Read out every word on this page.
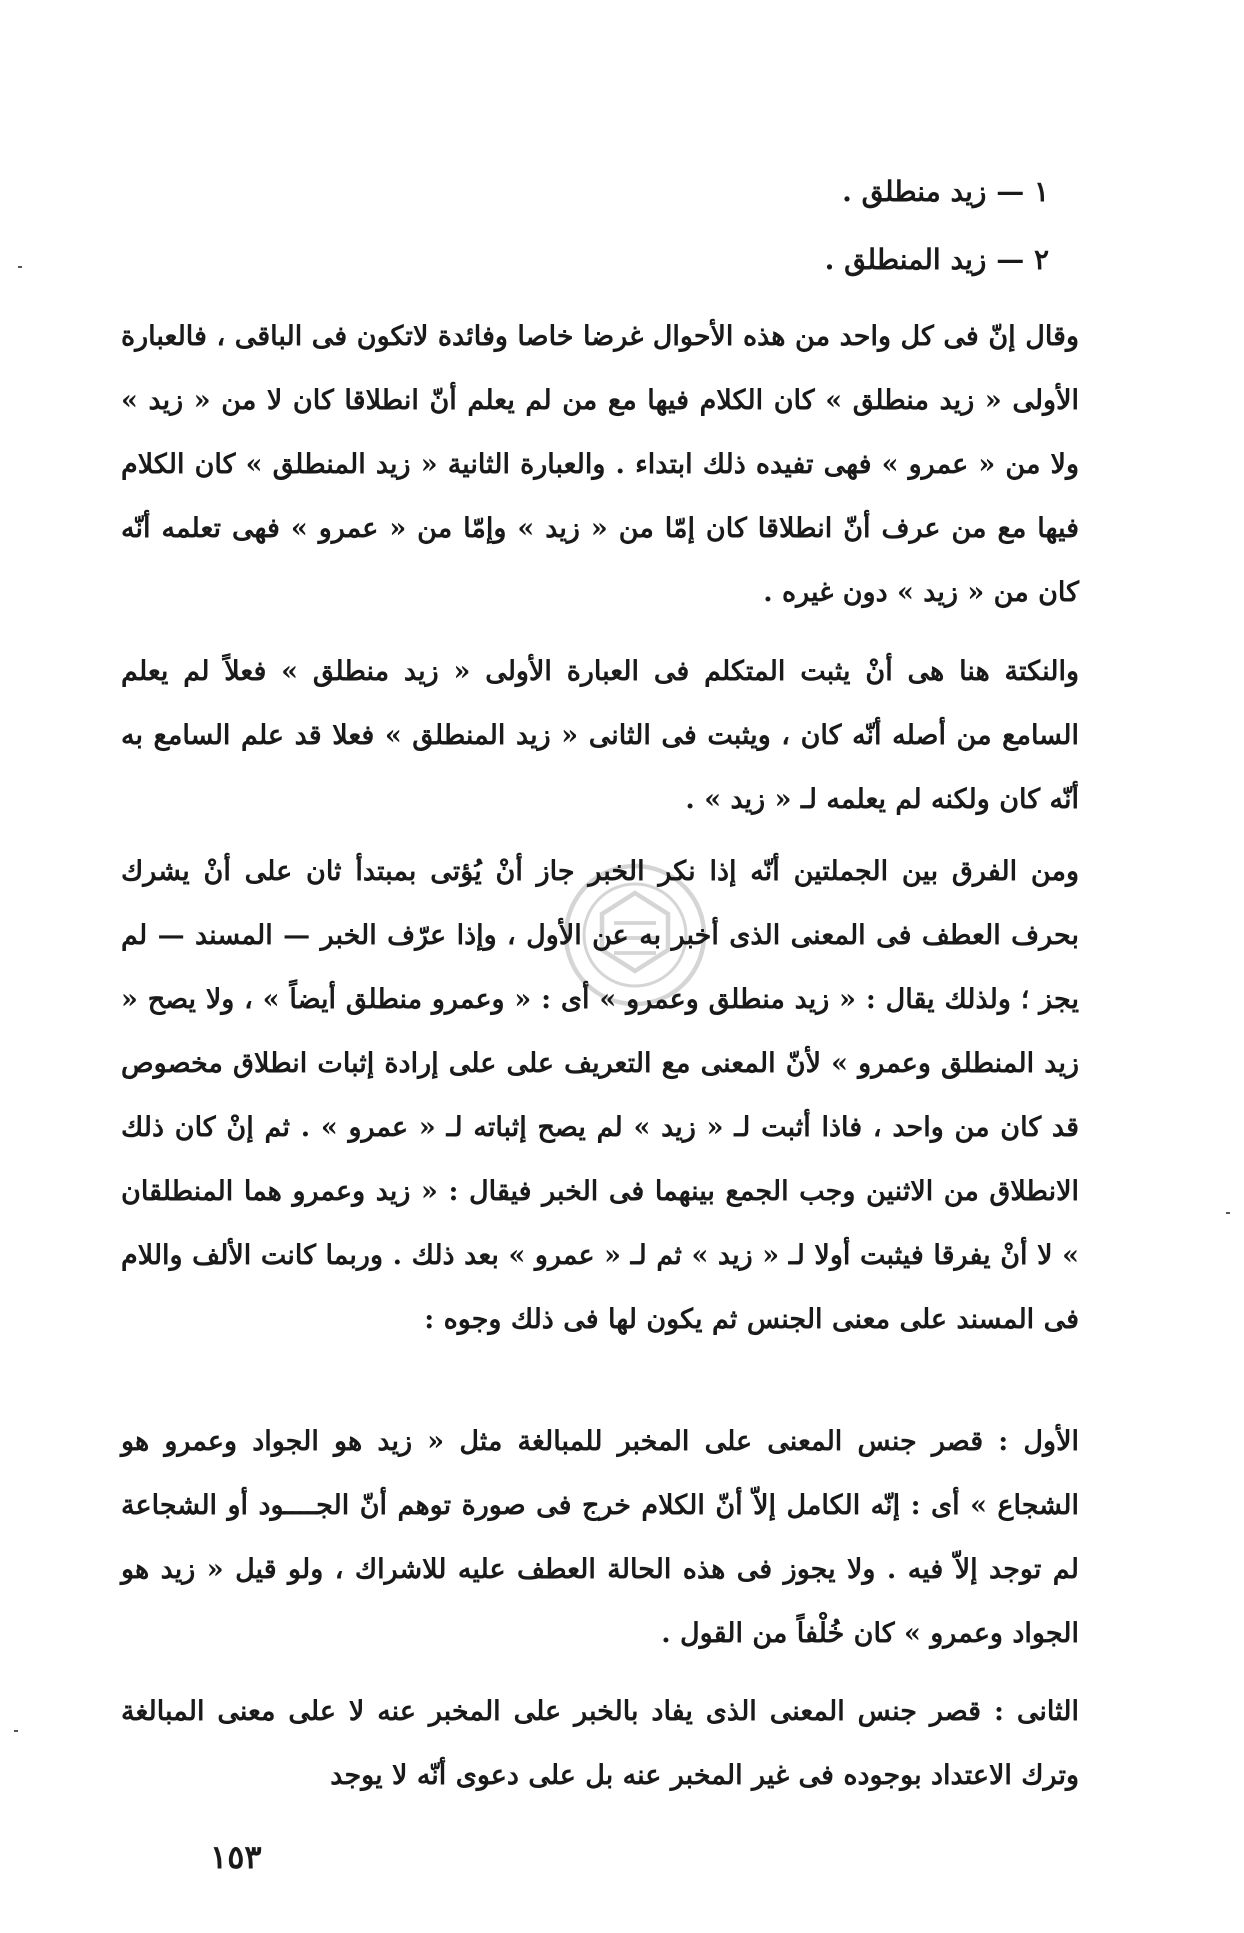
١ — زيد منطلق .
٢ — زيد المنطلق .

وقال إنّ فى كل واحد من هذه الأحوال غرضا خاصا وفائدة لاتكون فى الباقى ، فالعبارة الأولى « زيد منطلق » كان الكلام فيها مع من لم يعلم أنّ انطلاقا كان لا من « زيد » ولا من « عمرو » فهى تفيده ذلك ابتداء . والعبارة الثانية « زيد المنطلق » كان الكلام فيها مع من عرف أنّ انطلاقا كان إمّا من « زيد » وإمّا من « عمرو » فهى تعلمه أنّه كان من « زيد » دون غيره .

والنكتة هنا هى أنْ يثبت المتكلم فى العبارة الأولى « زيد منطلق » فعلاً لم يعلم السامع من أصله أنّه كان ، ويثبت فى الثانى « زيد المنطلق » فعلا قد علم السامع به أنّه كان ولكنه لم يعلمه لـ « زيد » .

ومن الفرق بين الجملتين أنّه إذا نكر الخبر جاز أنْ يُؤتى بمبتدأ ثان على أنْ يشرك بحرف العطف فى المعنى الذى أخبر به عن الأول ، وإذا عرّف الخبر — المسند — لم يجز ؛ ولذلك يقال : « زيد منطلق وعمرو » أى : « وعمرو منطلق أيضاً » ، ولا يصح « زيد المنطلق وعمرو » لأنّ المعنى مع التعريف على على إرادة إثبات انطلاق مخصوص قد كان من واحد ، فاذا أثبت لـ « زيد » لم يصح إثباته لـ « عمرو » . ثم إنْ كان ذلك الانطلاق من الاثنين وجب الجمع بينهما فى الخبر فيقال : « زيد وعمرو هما المنطلقان » لا أنْ يفرقا فيثبت أولا لـ « زيد » ثم لـ « عمرو » بعد ذلك . وربما كانت الألف واللام فى المسند على معنى الجنس ثم يكون لها فى ذلك وجوه :

الأول : قصر جنس المعنى على المخبر للمبالغة مثل « زيد هو الجواد وعمرو هو الشجاع » أى : إنّه الكامل إلاّ أنّ الكلام خرج فى صورة توهم أنّ الجــــود أو الشجاعة لم توجد إلاّ فيه . ولا يجوز فى هذه الحالة العطف عليه للاشراك ، ولو قيل « زيد هو الجواد وعمرو » كان خُلْفاً من القول .

الثانى : قصر جنس المعنى الذى يفاد بالخبر على المخبر عنه لا على معنى المبالغة وترك الاعتداد بوجوده فى غير المخبر عنه بل على دعوى أنّه لا يوجد

١٥٣
